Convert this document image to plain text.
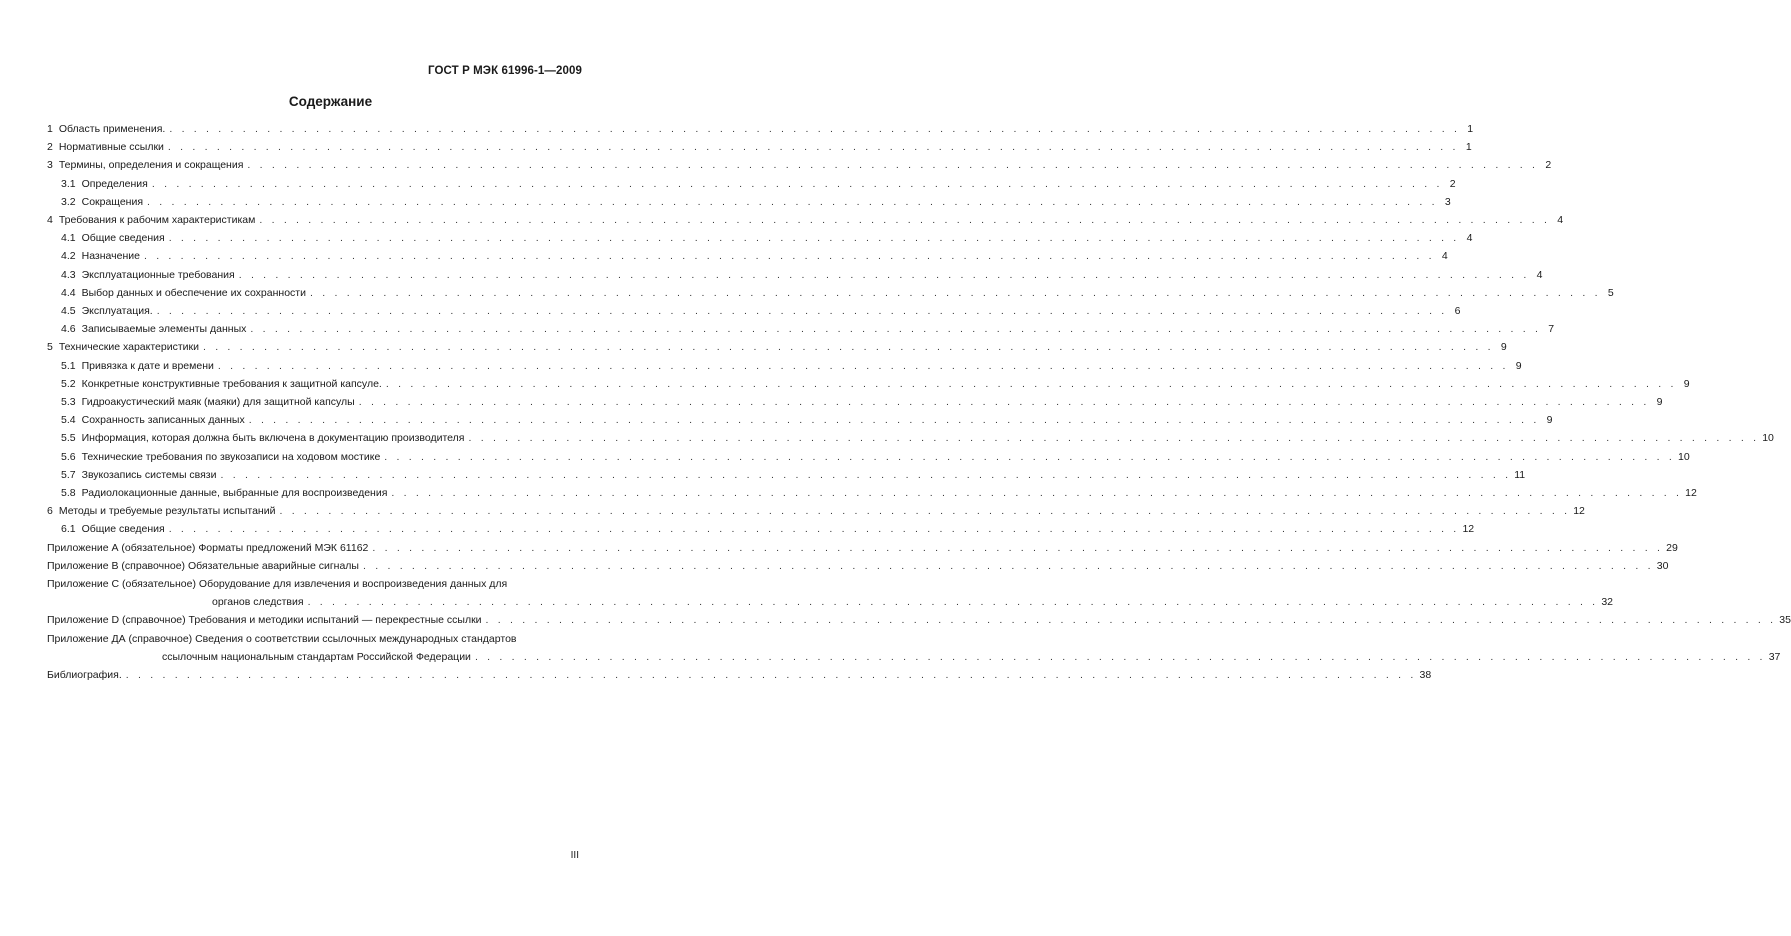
ГОСТ Р МЭК 61996-1—2009
Содержание
1 Область применения. . . . . . . . . . . . . . . . . . . . . . . . . . . . . . . . . . . . . . . . . . . . . . . . . . . . . . . . . . . . . . . . . . . . . . . . . . . . . . . . . . . . . . . . . . . . . . . . . . . . . . . . . . . 1
2 Нормативные ссылки . . . . . . . . . . . . . . . . . . . . . . . . . . . . . . . . . . . . . . . . . . . . . . . . . . . . . . . . . . . . . . . . . . . . . . . . . . . . . . . . . . . . . . . . . . . . . . . . . . . . . . . . . . 1
3 Термины, определения и сокращения . . . . . . . . . . . . . . . . . . . . . . . . . . . . . . . . . . . . . . . . . . . . . . . . . . . . . . . . . . . . . . . . . . . . . . . . . . . . . . . . . . . . . . . . . . . . . . . . . . . . . . . . . . 2
3.1 Определения . . . . . . . . . . . . . . . . . . . . . . . . . . . . . . . . . . . . . . . . . . . . . . . . . . . . . . . . . . . . . . . . . . . . . . . . . . . . . . . . . . . . . . . . . . . . . . . . . . . . . . . . . . 2
3.2 Сокращения . . . . . . . . . . . . . . . . . . . . . . . . . . . . . . . . . . . . . . . . . . . . . . . . . . . . . . . . . . . . . . . . . . . . . . . . . . . . . . . . . . . . . . . . . . . . . . . . . . . . . . . . . . 3
4 Требования к рабочим характеристикам . . . . . . . . . . . . . . . . . . . . . . . . . . . . . . . . . . . . . . . . . . . . . . . . . . . . . . . . . . . . . . . . . . . . . . . . . . . . . . . . . . . . . . . . . . . . . . . . . . . . . . . . . . 4
4.1 Общие сведения . . . . . . . . . . . . . . . . . . . . . . . . . . . . . . . . . . . . . . . . . . . . . . . . . . . . . . . . . . . . . . . . . . . . . . . . . . . . . . . . . . . . . . . . . . . . . . . . . . . . . . . . . . 4
4.2 Назначение . . . . . . . . . . . . . . . . . . . . . . . . . . . . . . . . . . . . . . . . . . . . . . . . . . . . . . . . . . . . . . . . . . . . . . . . . . . . . . . . . . . . . . . . . . . . . . . . . . . . . . . . . . 4
4.3 Эксплуатационные требования . . . . . . . . . . . . . . . . . . . . . . . . . . . . . . . . . . . . . . . . . . . . . . . . . . . . . . . . . . . . . . . . . . . . . . . . . . . . . . . . . . . . . . . . . . . . . . . . . . . . . . . . . . 4
4.4 Выбор данных и обеспечение их сохранности . . . . . . . . . . . . . . . . . . . . . . . . . . . . . . . . . . . . . . . . . . . . . . . . . . . . . . . . . . . . . . . . . . . . . . . . . . . . . . . . . . . . . . . . . . . . . . . . . . . . . . . . . . 5
4.5 Эксплуатация. . . . . . . . . . . . . . . . . . . . . . . . . . . . . . . . . . . . . . . . . . . . . . . . . . . . . . . . . . . . . . . . . . . . . . . . . . . . . . . . . . . . . . . . . . . . . . . . . . . . . . . . . . . 6
4.6 Записываемые элементы данных . . . . . . . . . . . . . . . . . . . . . . . . . . . . . . . . . . . . . . . . . . . . . . . . . . . . . . . . . . . . . . . . . . . . . . . . . . . . . . . . . . . . . . . . . . . . . . . . . . . . . . . . . . 7
5 Технические характеристики . . . . . . . . . . . . . . . . . . . . . . . . . . . . . . . . . . . . . . . . . . . . . . . . . . . . . . . . . . . . . . . . . . . . . . . . . . . . . . . . . . . . . . . . . . . . . . . . . . . . . . . . . . 9
5.1 Привязка к дате и времени . . . . . . . . . . . . . . . . . . . . . . . . . . . . . . . . . . . . . . . . . . . . . . . . . . . . . . . . . . . . . . . . . . . . . . . . . . . . . . . . . . . . . . . . . . . . . . . . . . . . . . . . . . 9
5.2 Конкретные конструктивные требования к защитной капсуле. . . . . . . . . . . . . . . . . . . . . . . . . . . . . . . . . . . . . . . . . . . . . . . . . . . . . . . . . . . . . . . . . . . . . . . . . . . . . . . . . . . . . . . . . . . . . . . . . . . . . . . . . . . 9
5.3 Гидроакустический маяк (маяки) для защитной капсулы . . . . . . . . . . . . . . . . . . . . . . . . . . . . . . . . . . . . . . . . . . . . . . . . . . . . . . . . . . . . . . . . . . . . . . . . . . . . . . . . . . . . . . . . . . . . . . . . . . . . . . . . . . 9
5.4 Сохранность записанных данных . . . . . . . . . . . . . . . . . . . . . . . . . . . . . . . . . . . . . . . . . . . . . . . . . . . . . . . . . . . . . . . . . . . . . . . . . . . . . . . . . . . . . . . . . . . . . . . . . . . . . . . . . . 9
5.5 Информация, которая должна быть включена в документацию производителя . . . . . . . . . . . . . . . . . . . . . . . . . . . . . . . . . . . . . . . . . . . . . . . . . . . . . . . . . . . . . . . . . . . . . . . . . . . . . . . . . . . . . . . . . . . . . . . . . . . . . . . . . . 10
5.6 Технические требования по звукозаписи на ходовом мостике . . . . . . . . . . . . . . . . . . . . . . . . . . . . . . . . . . . . . . . . . . . . . . . . . . . . . . . . . . . . . . . . . . . . . . . . . . . . . . . . . . . . . . . . . . . . . . . . . . . . . . . . . . 10
5.7 Звукозапись системы связи . . . . . . . . . . . . . . . . . . . . . . . . . . . . . . . . . . . . . . . . . . . . . . . . . . . . . . . . . . . . . . . . . . . . . . . . . . . . . . . . . . . . . . . . . . . . . . . . . . . . . . . . . . 11
5.8 Радиолокационные данные, выбранные для воспроизведения . . . . . . . . . . . . . . . . . . . . . . . . . . . . . . . . . . . . . . . . . . . . . . . . . . . . . . . . . . . . . . . . . . . . . . . . . . . . . . . . . . . . . . . . . . . . . . . . . . . . . . . . . . 12
6 Методы и требуемые результаты испытаний . . . . . . . . . . . . . . . . . . . . . . . . . . . . . . . . . . . . . . . . . . . . . . . . . . . . . . . . . . . . . . . . . . . . . . . . . . . . . . . . . . . . . . . . . . . . . . . . . . . . . . . . . . 12
6.1 Общие сведения . . . . . . . . . . . . . . . . . . . . . . . . . . . . . . . . . . . . . . . . . . . . . . . . . . . . . . . . . . . . . . . . . . . . . . . . . . . . . . . . . . . . . . . . . . . . . . . . . . . . . . . . . . 12
Приложение А (обязательное) Форматы предложений МЭК 61162 . . . . . . . . . . . . . . . . . . . . . . . . . . . . . . . . . . . . . . . . . . . . . . . . . . . . . . . . . . . . . . . . . . . . . . . . . . . . . . . . . . . . . . . . . . . . . . . . . . . . . . . . . . 29
Приложение В (справочное) Обязательные аварийные сигналы . . . . . . . . . . . . . . . . . . . . . . . . . . . . . . . . . . . . . . . . . . . . . . . . . . . . . . . . . . . . . . . . . . . . . . . . . . . . . . . . . . . . . . . . . . . . . . . . . . . . . . . . . . 30
Приложение С (обязательное) Оборудование для извлечения и воспроизведения данных для
органов следствия . . . . . . . . . . . . . . . . . . . . . . . . . . . . . . . . . . . . . . . . . . . . . . . . . . . . . . . . . . . . . . . . . . . . . . . . . . . . . . . . . . . . . . . . . . . . . . . . . . . . . . . . . . 32
Приложение D (справочное) Требования и методики испытаний — перекрестные ссылки . . . . . . . . . . . . . . . . . . . . . . . . . . . . . . . . . . . . . . . . . . . . . . . . . . . . . . . . . . . . . . . . . . . . . . . . . . . . . . . . . . . . . . . . . . . . . . . . . . . . . . . . . . 35
Приложение ДА (справочное) Сведения о соответствии ссылочных международных стандартов
ссылочным национальным стандартам Российской Федерации . . . . . . . . . . . . . . . . . . . . . . . . . . . . . . . . . . . . . . . . . . . . . . . . . . . . . . . . . . . . . . . . . . . . . . . . . . . . . . . . . . . . . . . . . . . . . . . . . . . . . . . . . . 37
Библиография. . . . . . . . . . . . . . . . . . . . . . . . . . . . . . . . . . . . . . . . . . . . . . . . . . . . . . . . . . . . . . . . . . . . . . . . . . . . . . . . . . . . . . . . . . . . . . . . . . . . . . . . . . . 38
III
